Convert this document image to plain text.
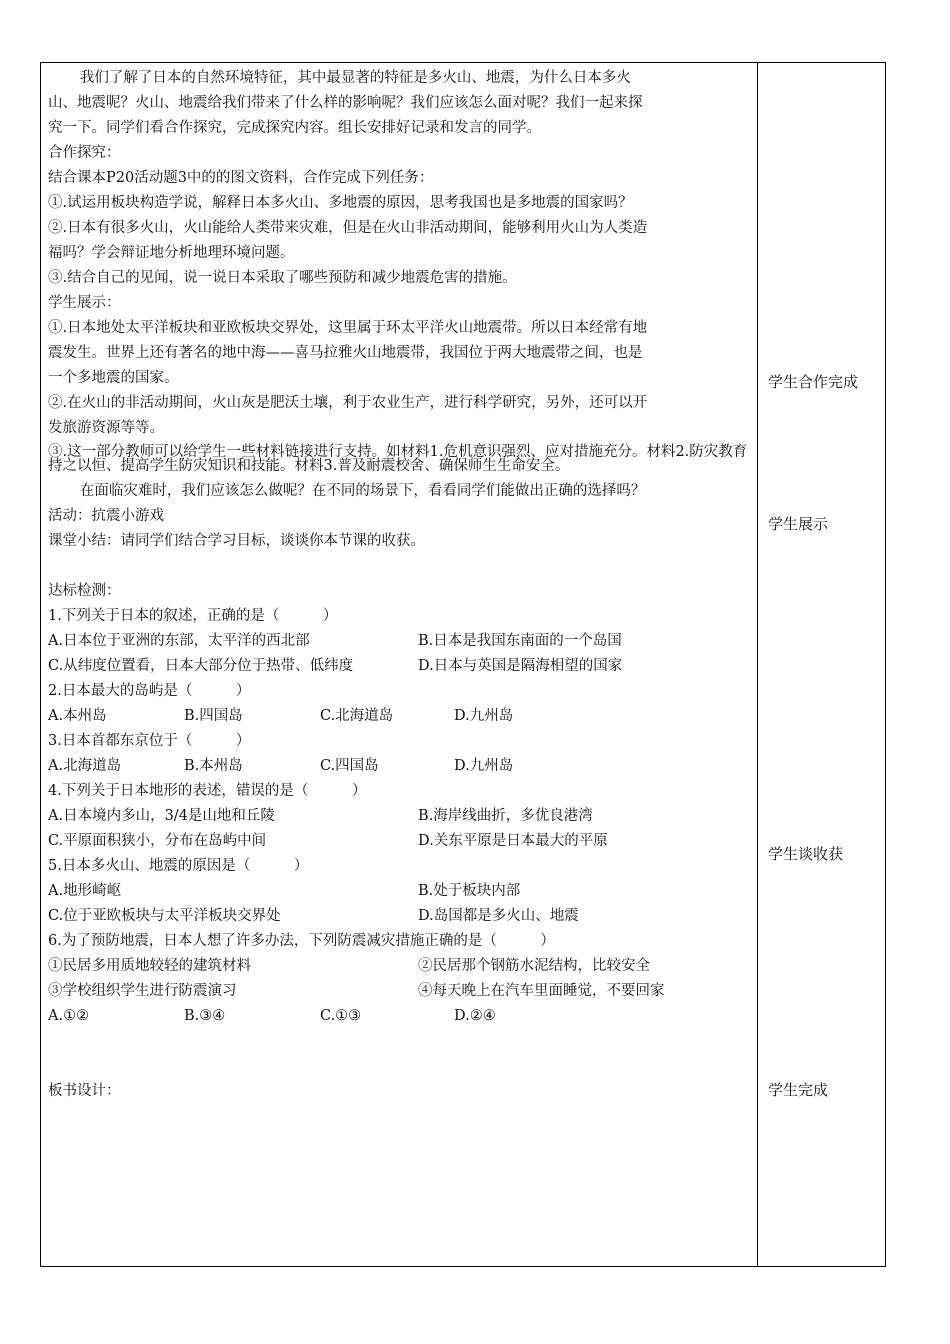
我们了解了日本的自然环境特征，其中最显著的特征是多火山、地震，为什么日本多火
山、地震呢？火山、地震给我们带来了什么样的影响呢？我们应该怎么面对呢？我们一起来探
究一下。同学们看合作探究，完成探究内容。组长安排好记录和发言的同学。
合作探究：
结合课本P20活动题3中的的图文资料，合作完成下列任务：
①.试运用板块构造学说，解释日本多火山、多地震的原因，思考我国也是多地震的国家吗？
②.日本有很多火山，火山能给人类带来灾难，但是在火山非活动期间，能够利用火山为人类造
福吗？学会辩证地分析地理环境问题。
③.结合自己的见闻，说一说日本采取了哪些预防和减少地震危害的措施。
学生展示：
①.日本地处太平洋板块和亚欧板块交界处，这里属于环太平洋火山地震带。所以日本经常有地
震发生。世界上还有著名的地中海——喜马拉雅火山地震带，我国位于两大地震带之间，也是
一个多地震的国家。
②.在火山的非活动期间，火山灰是肥沃土壤，利于农业生产，进行科学研究，另外，还可以开
发旅游资源等等。
③.这一部分教师可以给学生一些材料链接进行支持。如材料1.危机意识强烈、应对措施充分。材料2.防灾教育持之以恒、提高学生防灾知识和技能。材料3.普及耐震校舍、确保师生生命安全。
在面临灾难时，我们应该怎么做呢？在不同的场景下，看看同学们能做出正确的选择吗？
活动：抗震小游戏
课堂小结：请同学们结合学习目标，谈谈你本节课的收获。
达标检测：
1.下列关于日本的叙述，正确的是（　　　）
A.日本位于亚洲的东部，太平洋的西北部	B.日本是我国东南面的一个岛国
C.从纬度位置看，日本大部分位于热带、低纬度	D.日本与英国是隔海相望的国家
2.日本最大的岛屿是（　　　）
A.本州岛	B.四国岛	C.北海道岛	D.九州岛
3.日本首都东京位于（　　　）
A.北海道岛	B.本州岛	C.四国岛	D.九州岛
4.下列关于日本地形的表述，错误的是（　　　）
A.日本境内多山，3/4是山地和丘陵	B.海岸线曲折，多优良港湾
C.平原面积狭小，分布在岛屿中间	D.关东平原是日本最大的平原
5.日本多火山、地震的原因是（　　　）
A.地形崎岖	B.处于板块内部
C.位于亚欧板块与太平洋板块交界处	D.岛国都是多火山、地震
6.为了预防地震，日本人想了许多办法，下列防震减灾措施正确的是（　　　）
①民居多用质地较轻的建筑材料	②民居那个钢筋水泥结构，比较安全
③学校组织学生进行防震演习	④每天晚上在汽车里面睡觉，不要回家
A.①②	B.③④	C.①③	D.②④
板书设计：
学生合作完成
学生展示
学生谈收获
学生完成
